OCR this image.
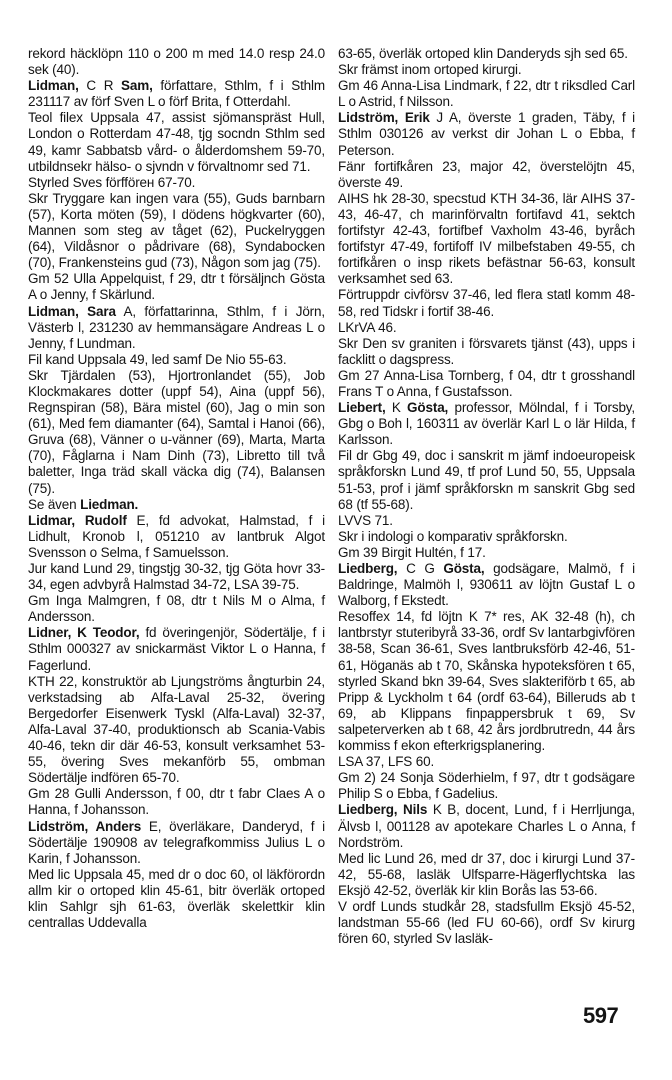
rekord häcklöpn 110 o 200 m med 14.0 resp 24.0 sek (40).

Lidman, C R Sam, författare, Sthlm, f i Sthlm 231117 av förf Sven L o förf Brita, f Otterdahl.

Teol filex Uppsala 47, assist sjömanspräst Hull, London o Rotterdam 47-48, tjg socndn Sthlm sed 49, kamr Sabbatsb vård- o ålderdomshem 59-70, utbildnsekr hälso- o sjvndn v förvaltnomr sed 71.

Styrled Sves förfförен 67-70.

Skr Tryggare kan ingen vara (55), Guds barnbarn (57), Korta möten (59), I dödens högkvarter (60), Mannen som steg av tåget (62), Puckelryggen (64), Vildåsnor o pådrivare (68), Syndabocken (70), Frankensteins gud (73), Någon som jag (75).

Gm 52 Ulla Appelquist, f 29, dtr t försäljnch Gösta A o Jenny, f Skärlund.

Lidman, Sara A, författarinna, Sthlm, f i Jörn, Västerb l, 231230 av hemmansägare Andreas L o Jenny, f Lundman.

Fil kand Uppsala 49, led samf De Nio 55-63.

Skr Tjärdalen (53), Hjortronlandet (55), Job Klockmakares dotter (uppf 54), Aina (uppf 56), Regnspiran (58), Bära mistel (60), Jag o min son (61), Med fem diamanter (64), Samtal i Hanoi (66), Gruva (68), Vänner o u-vänner (69), Marta, Marta (70), Fåglarna i Nam Dinh (73), Libretto till två baletter, Inga träd skall väcka dig (74), Balansen (75).

Se även Liedman.

Lidmar, Rudolf E, fd advokat, Halmstad, f i Lidhult, Kronob l, 051210 av lantbruk Algot Svensson o Selma, f Samuelsson.

Jur kand Lund 29, tingstjg 30-32, tjg Göta hovr 33-34, egen advbyrå Halmstad 34-72, LSA 39-75.

Gm Inga Malmgren, f 08, dtr t Nils M o Alma, f Andersson.

Lidner, K Teodor, fd överingenjör, Södertälje, f i Sthlm 000327 av snickarmäst Viktor L o Hanna, f Fagerlund.

KTH 22, konstruktör ab Ljungströms ångturbin 24, verkstadsing ab Alfa-Laval 25-32, övering Bergedorfer Eisenwerk Tyskl (Alfa-Laval) 32-37, Alfa-Laval 37-40, produktionsch ab Scania-Vabis 40-46, tekn dir där 46-53, konsult verksamhet 53-55, övering Sves mekanförb 55, ombman Södertälje indfören 65-70.

Gm 28 Gulli Andersson, f 00, dtr t fabr Claes A o Hanna, f Johansson.

Lidström, Anders E, överläkare, Danderyd, f i Södertälje 190908 av telegrafkommiss Julius L o Karin, f Johansson.

Med lic Uppsala 45, med dr o doc 60, ol läkförordn allm kir o ortoped klin 45-61, bitr överläk ortoped klin Sahlgr sjh 61-63, överläk skelettkir klin centrallas Uddevalla

63-65, överläk ortoped klin Danderyds sjh sed 65.

Skr främst inom ortoped kirurgi.

Gm 46 Anna-Lisa Lindmark, f 22, dtr t riksdled Carl L o Astrid, f Nilsson.

Lidström, Erik J A, överste 1 graden, Täby, f i Sthlm 030126 av verkst dir Johan L o Ebba, f Peterson.

Fänr fortifkåren 23, major 42, överstelöjtn 45, överste 49.

AIHS hk 28-30, specstud KTH 34-36, lär AIHS 37-43, 46-47, ch marinförvaltn fortifavd 41, sektch fortifstyr 42-43, fortifbef Vaxholm 43-46, byråch fortifstyr 47-49, fortifoff IV milbefstaben 49-55, ch fortifkåren o insp rikets befästnar 56-63, konsult verksamhet sed 63.

Förtruppdr civförsv 37-46, led flera statl komm 48-58, red Tidskr i fortif 38-46.

LKrVA 46.

Skr Den sv graniten i försvarets tjänst (43), upps i facklitt o dagspress.

Gm 27 Anna-Lisa Tornberg, f 04, dtr t grosshandl Frans T o Anna, f Gustafsson.

Liebert, K Gösta, professor, Mölndal, f i Torsby, Gbg o Boh l, 160311 av överlär Karl L o lär Hilda, f Karlsson.

Fil dr Gbg 49, doc i sanskrit m jämf indoeuropeisk språkforskn Lund 49, tf prof Lund 50, 55, Uppsala 51-53, prof i jämf språkforskn m sanskrit Gbg sed 68 (tf 55-68).

LVVS 71.

Skr i indologi o komparativ språkforskn.

Gm 39 Birgit Hultén, f 17.

Liedberg, C G Gösta, godsägare, Malmö, f i Baldringe, Malmöh l, 930611 av löjtn Gustaf L o Walborg, f Ekstedt.

Resoffex 14, fd löjtn K 7* res, AK 32-48 (h), ch lantbrstyr stuteribyrå 33-36, ordf Sv lantarbgivfören 38-58, Scan 36-61, Sves lantbruksförb 42-46, 51-61, Höganäs ab t 70, Skånska hypoteksfören t 65, styrled Skand bkn 39-64, Sves slakteriförb t 65, ab Pripp & Lyckholm t 64 (ordf 63-64), Billeruds ab t 69, ab Klippans finpappersbruk t 69, Sv salpeterverken ab t 68, 42 års jordbrutredn, 44 års kommiss f ekon efterkrigsplanering.

LSA 37, LFS 60.

Gm 2) 24 Sonja Söderhielm, f 97, dtr t godsägare Philip S o Ebba, f Gadelius.

Liedberg, Nils K B, docent, Lund, f i Herrljunga, Älvsb l, 001128 av apotekare Charles L o Anna, f Nordström.

Med lic Lund 26, med dr 37, doc i kirurgi Lund 37-42, 55-68, lasläk Ulfsparre-Hägerflychtska las Eksjö 42-52, överläk kir klin Borås las 53-66.

V ordf Lunds studkår 28, stadsfullm Eksjö 45-52, landstman 55-66 (led FU 60-66), ordf Sv kirurg fören 60, styrled Sv lasläk-

597
